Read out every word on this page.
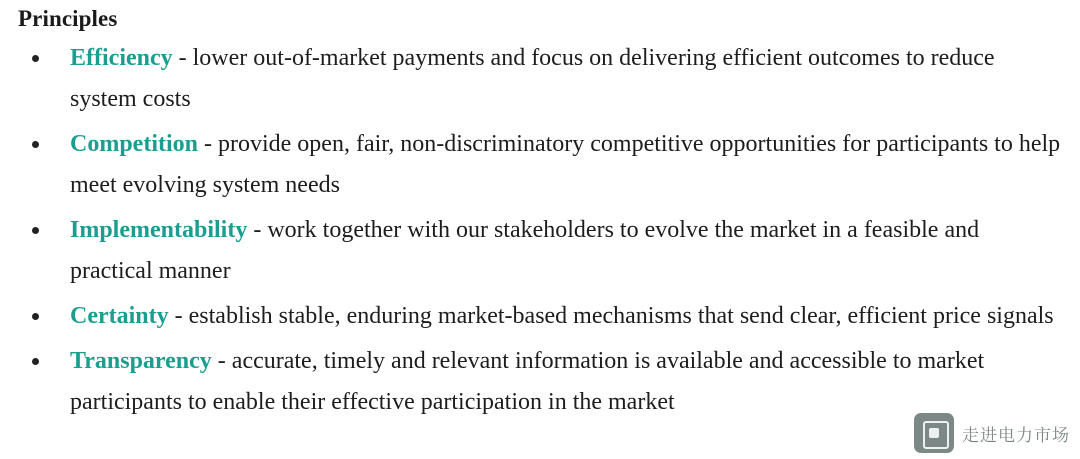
Principles
Efficiency - lower out-of-market payments and focus on delivering efficient outcomes to reduce system costs
Competition - provide open, fair, non-discriminatory competitive opportunities for participants to help meet evolving system needs
Implementability - work together with our stakeholders to evolve the market in a feasible and practical manner
Certainty - establish stable, enduring market-based mechanisms that send clear, efficient price signals
Transparency - accurate, timely and relevant information is available and accessible to market participants to enable their effective participation in the market
走进电力市场
